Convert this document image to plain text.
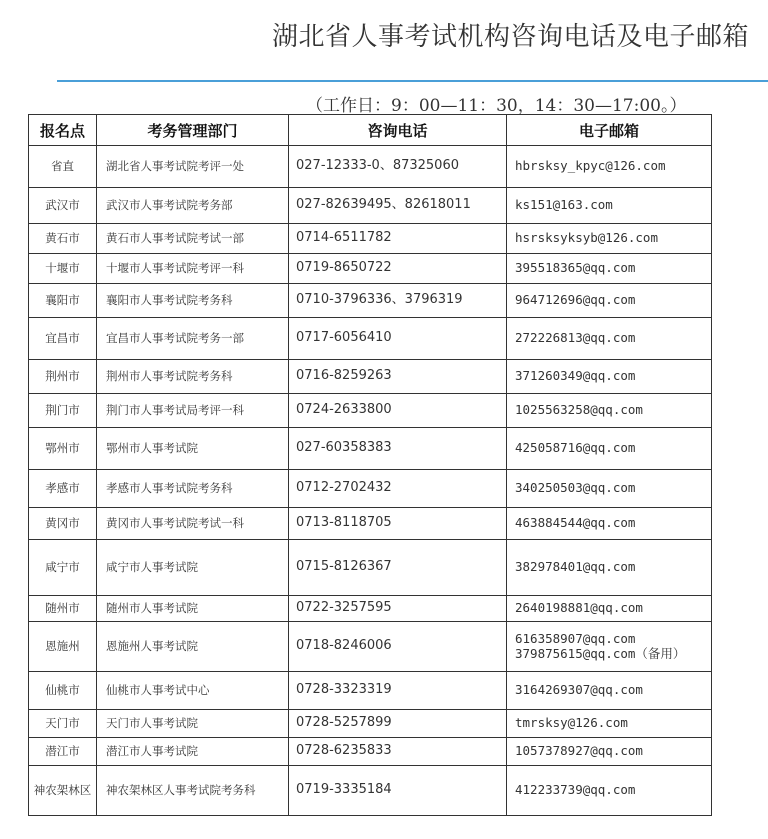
湖北省人事考试机构咨询电话及电子邮箱
（工作日：9：00—11：30，14：30—17:00。）
报名点	考务管理部门	咨询电话	电子邮箱
省直	湖北省人事考试院考评一处	027-12333-0、87325060	hbrsksy_kpyc@126.com

武汉市	武汉市人事考试院考务部	027-82639495、82618011	ks151@163.com

黄石市	黄石市人事考试院考试一部	0714-6511782	hsrsksyksyb@126.com

十堰市	十堰市人事考试院考评一科	0719-8650722	395518365@qq.com

襄阳市	襄阳市人事考试院考务科	0710-3796336、3796319	964712696@qq.com

宜昌市	宜昌市人事考试院考务一部	0717-6056410	272226813@qq.com

荆州市	荆州市人事考试院考务科	0716-8259263	371260349@qq.com

荆门市	荆门市人事考试局考评一科	0724-2633800	1025563258@qq.com

鄂州市	鄂州市人事考试院	027-60358383	425058716@qq.com

孝感市	孝感市人事考试院考务科	0712-2702432	340250503@qq.com

黄冈市	黄冈市人事考试院考试一科	0713-8118705	463884544@qq.com

咸宁市	咸宁市人事考试院	0715-8126367	382978401@qq.com

随州市	随州市人事考试院	0722-3257595	2640198881@qq.com

恩施州	恩施州人事考试院	0718-8246006	616358907@qq.com
379875615@qq.com（备用）

仙桃市	仙桃市人事考试中心	0728-3323319	3164269307@qq.com

天门市	天门市人事考试院	0728-5257899	tmrsksy@126.com

潜江市	潜江市人事考试院	0728-6235833	1057378927@qq.com

神农架林区	神农架林区人事考试院考务科	0719-3335184	412233739@qq.com
